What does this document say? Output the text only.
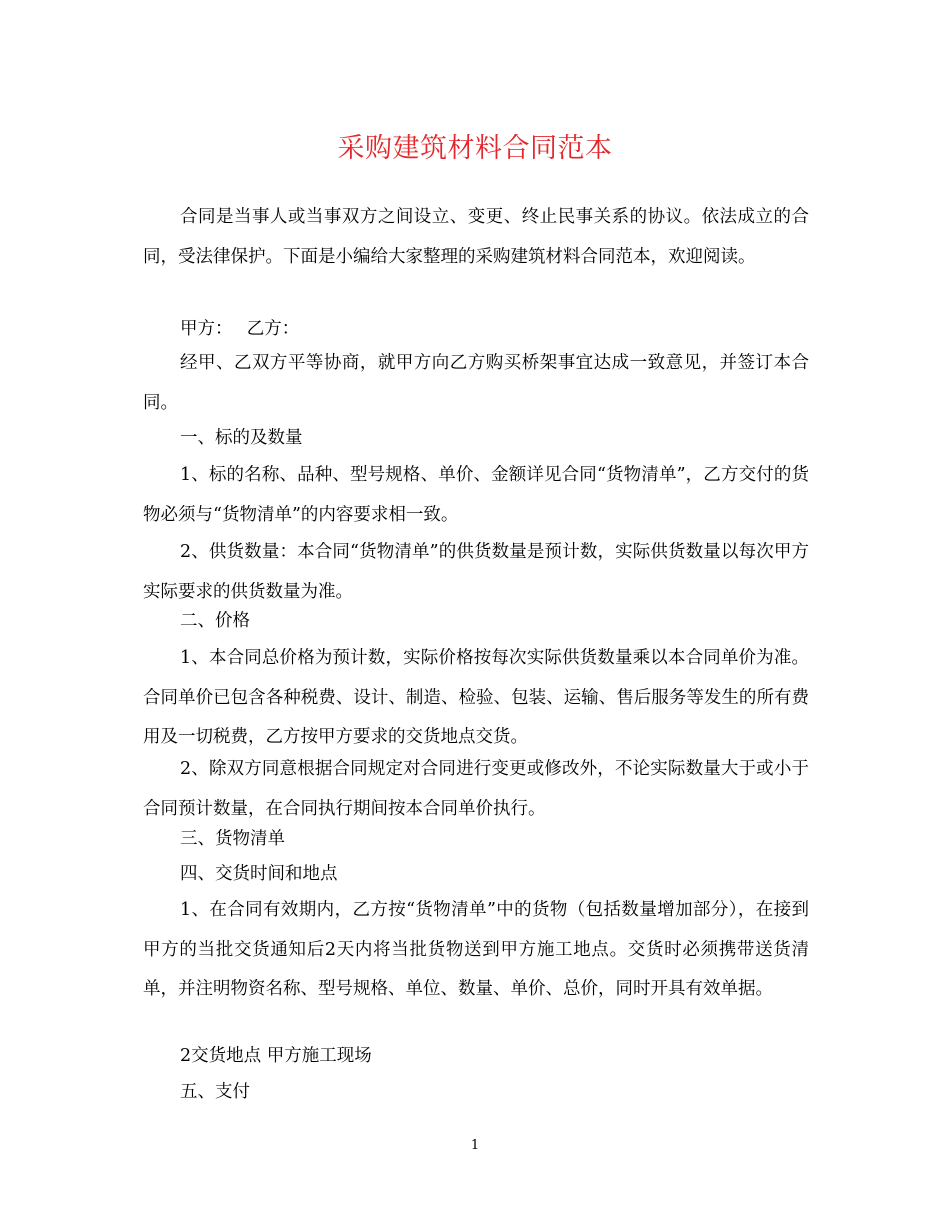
采购建筑材料合同范本

合同是当事人或当事双方之间设立、变更、终止民事关系的协议。依法成立的合同，受法律保护。下面是小编给大家整理的采购建筑材料合同范本，欢迎阅读。

甲方：　 乙方：

经甲、乙双方平等协商，就甲方向乙方购买桥架事宜达成一致意见，并签订本合同。

一、标的及数量

1、标的名称、品种、型号规格、单价、金额详见合同“货物清单”，乙方交付的货物必须与“货物清单”的内容要求相一致。

2、供货数量：本合同“货物清单”的供货数量是预计数，实际供货数量以每次甲方实际要求的供货数量为准。

二、价格

1、本合同总价格为预计数，实际价格按每次实际供货数量乘以本合同单价为准。合同单价已包含各种税费、设计、制造、检验、包装、运输、售后服务等发生的所有费用及一切税费，乙方按甲方要求的交货地点交货。

2、除双方同意根据合同规定对合同进行变更或修改外，不论实际数量大于或小于合同预计数量，在合同执行期间按本合同单价执行。

三、货物清单

四、交货时间和地点

1、在合同有效期内，乙方按“货物清单”中的货物（包括数量增加部分），在接到甲方的当批交货通知后2天内将当批货物送到甲方施工地点。交货时必须携带送货清单，并注明物资名称、型号规格、单位、数量、单价、总价，同时开具有效单据。

2交货地点 甲方施工现场

五、支付

1
